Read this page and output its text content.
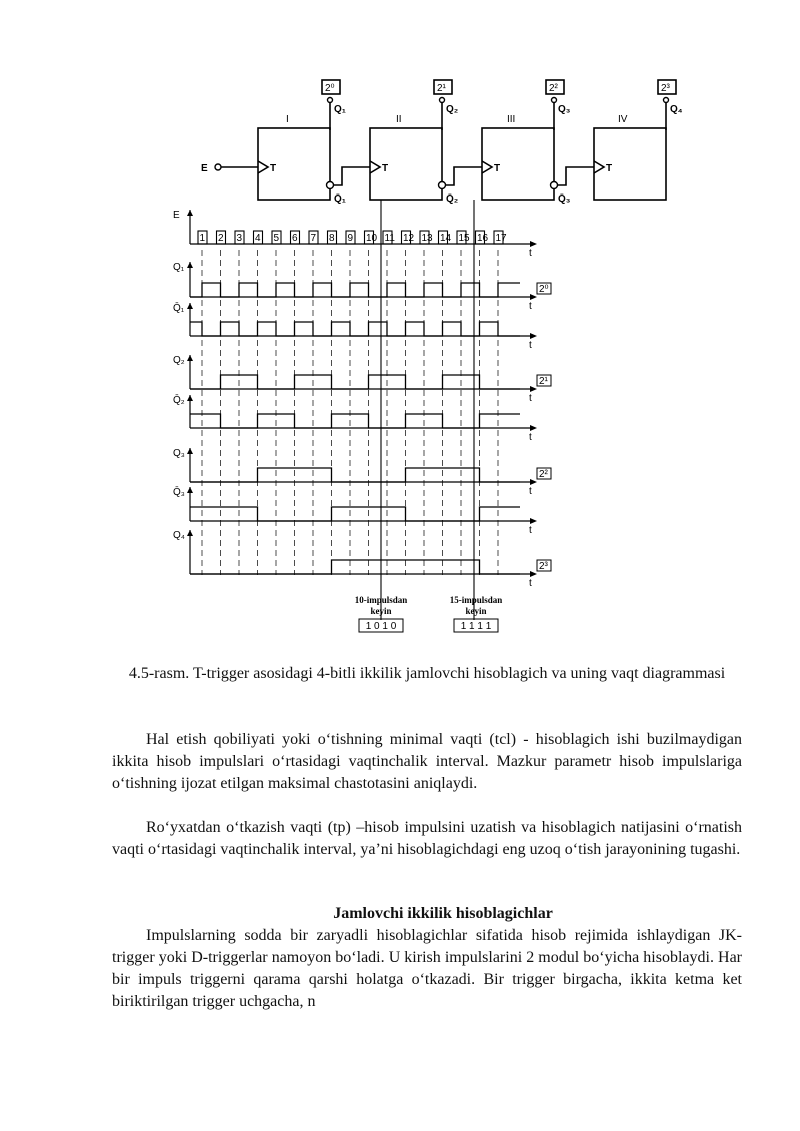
E
I	II	III	IV
T	T	T	T
2⁰	2¹	2²	2³
Q₁	Q₂	Q₃	Q₄
Q̄₁	Q̄₂	Q̄₃
t
E
1 2 3 4 5 6 7 8 9 10 11 12 13 14 15 16 17
t
Q₁
2⁰
t
Q̄₁
t
Q₂
2¹
t
Q̄₂
t
Q₃
2²
t
Q̄₃
t
Q₄
2³
10-impulsdan
keyin
1 0 1 0
15-impulsdan
keyin
1 1 1 1
4.5-rasm. T-trigger asosidagi 4-bitli ikkilik jamlovchi hisoblagich va uning vaqt diagrammasi

Hal etish qobiliyati yoki o‘tishning minimal vaqti (tcl) - hisoblagich ishi buzilmaydigan ikkita hisob impulslari o‘rtasidagi vaqtinchalik interval. Mazkur parametr hisob impulslariga o‘tishning ijozat etilgan maksimal chastotasini aniqlaydi.

Ro‘yxatdan o‘tkazish vaqti (tp) –hisob impulsini uzatish va hisoblagich natijasini o‘rnatish vaqti o‘rtasidagi vaqtinchalik interval, ya’ni hisoblagichdagi eng uzoq o‘tish jarayonining tugashi.

Jamlovchi ikkilik hisoblagichlar

Impulslarning sodda bir zaryadli hisoblagichlar sifatida hisob rejimida ishlaydigan JK- trigger yoki D-triggerlar namoyon bo‘ladi. U kirish impulslarini 2 modul bo‘yicha hisoblaydi. Har bir impuls triggerni qarama qarshi holatga o‘tkazadi. Bir trigger birgacha, ikkita ketma ket biriktirilgan trigger uchgacha, n
